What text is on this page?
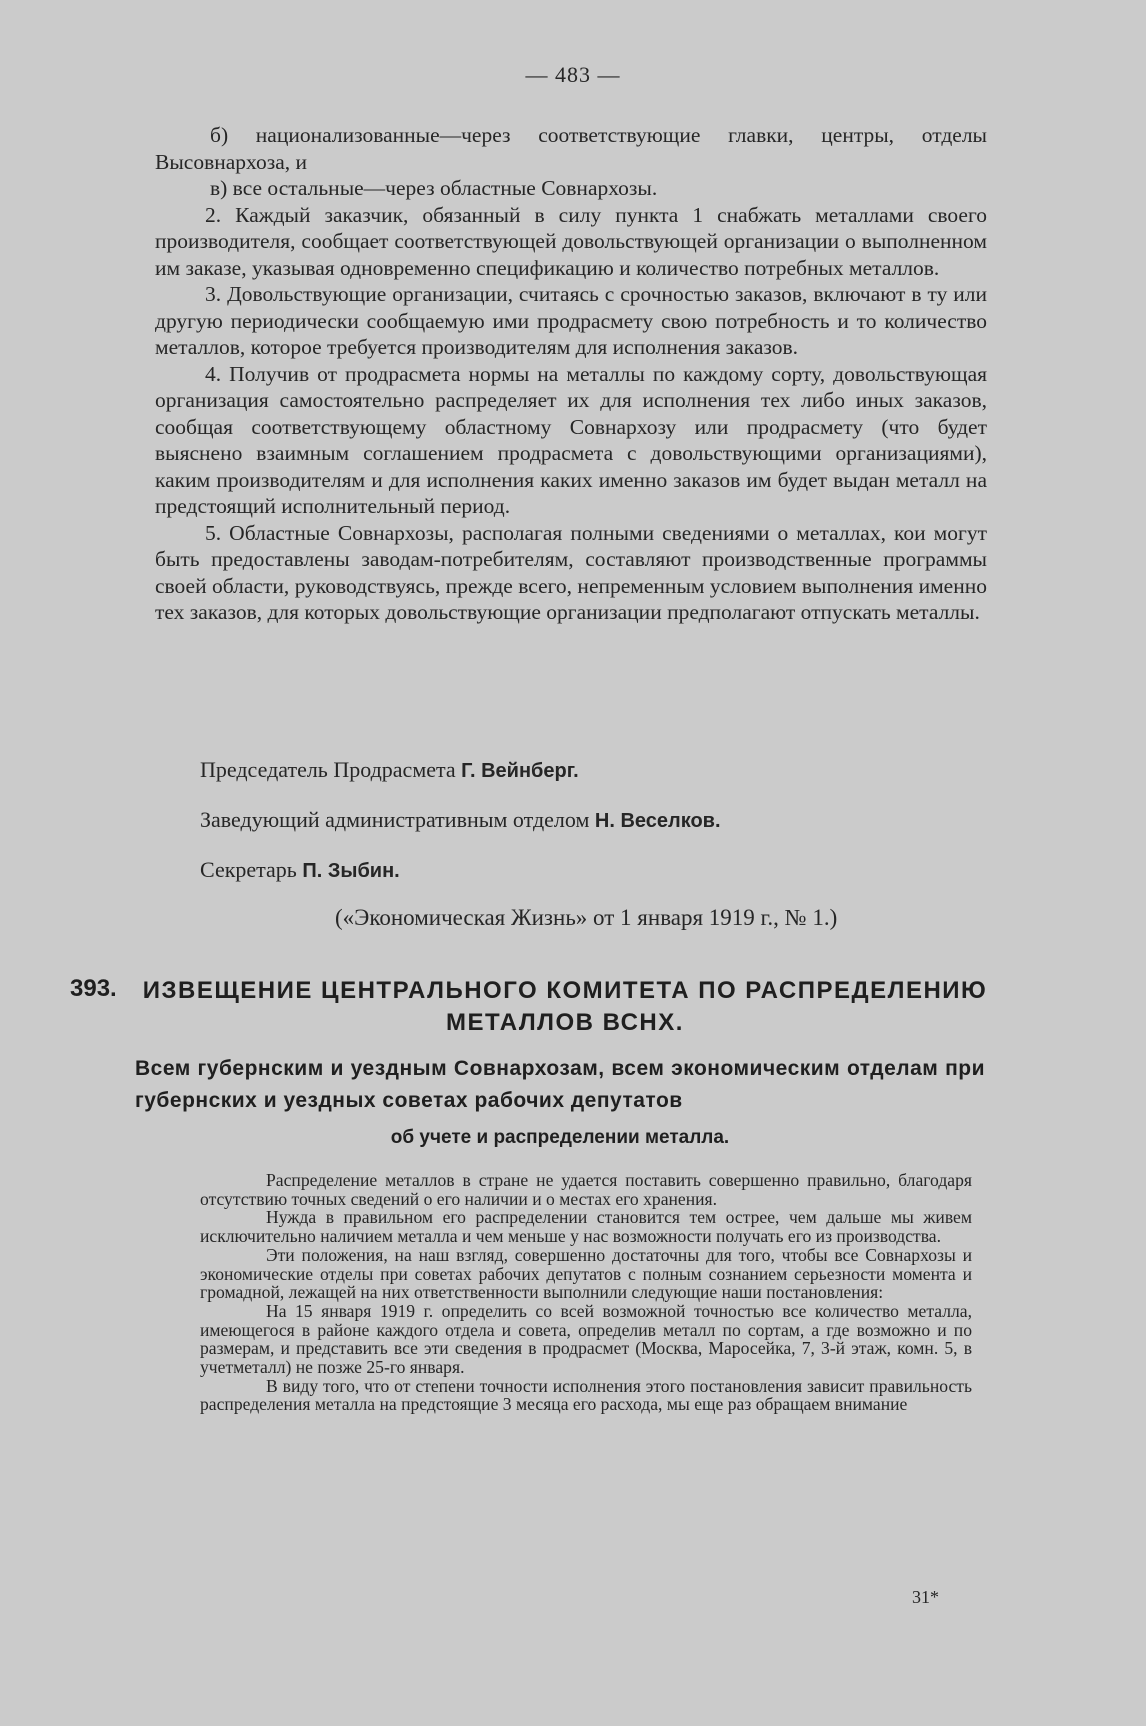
— 483 —

б) национализованные—через соответствующие главки, центры, отделы Высовнархоза, и

в) все остальные—через областные Совнархозы.

2. Каждый заказчик, обязанный в силу пункта 1 снабжать металлами своего производителя, сообщает соответствующей довольствующей организации о выполненном им заказе, указывая одновременно спецификацию и количество потребных металлов.

3. Довольствующие организации, считаясь с срочностью заказов, включают в ту или другую периодически сообщаемую ими продрасмету свою потребность и то количество металлов, которое требуется производителям для исполнения заказов.

4. Получив от продрасмета нормы на металлы по каждому сорту, довольствующая организация самостоятельно распределяет их для исполнения тех либо иных заказов, сообщая соответствующему областному Совнархозу или продрасмету (что будет выяснено взаимным соглашением продрасмета с довольствующими организациями), каким производителям и для исполнения каких именно заказов им будет выдан металл на предстоящий исполнительный период.

5. Областные Совнархозы, располагая полными сведениями о металлах, кои могут быть предоставлены заводам-потребителям, составляют производственные программы своей области, руководствуясь, прежде всего, непременным условием выполнения именно тех заказов, для которых довольствующие организации предполагают отпускать металлы.

Председатель Продрасмета Г. Вейнберг.
Заведующий административным отделом Н. Веселков.
Секретарь П. Зыбин.
(«Экономическая Жизнь» от 1 января 1919 г., № 1.)
393. ИЗВЕЩЕНИЕ ЦЕНТРАЛЬНОГО КОМИТЕТА ПО РАСПРЕДЕЛЕНИЮ МЕТАЛЛОВ ВСНХ.
Всем губернским и уездным Совнархозам, всем экономическим отделам при губернских и уездных советах рабочих депутатов
об учете и распределении металла.

Распределение металлов в стране не удается поставить совершенно правильно, благодаря отсутствию точных сведений о его наличии и о местах его хранения.

Нужда в правильном его распределении становится тем острее, чем дальше мы живем исключительно наличием металла и чем меньше у нас возможности получать его из производства.

Эти положения, на наш взгляд, совершенно достаточны для того, чтобы все Совнархозы и экономические отделы при советах рабочих депутатов с полным сознанием серьезности момента и громадной, лежащей на них ответственности выполнили следующие наши постановления:

На 15 января 1919 г. определить со всей возможной точностью все количество металла, имеющегося в районе каждого отдела и совета, определив металл по сортам, а где возможно и по размерам, и представить все эти сведения в продрасмет (Москва, Маросейка, 7, 3-й этаж, комн. 5, в учетметалл) не позже 25-го января.

В виду того, что от степени точности исполнения этого постановления зависит правильность распределения металла на предстоящие 3 месяца его расхода, мы еще раз обращаем внимание

31*
